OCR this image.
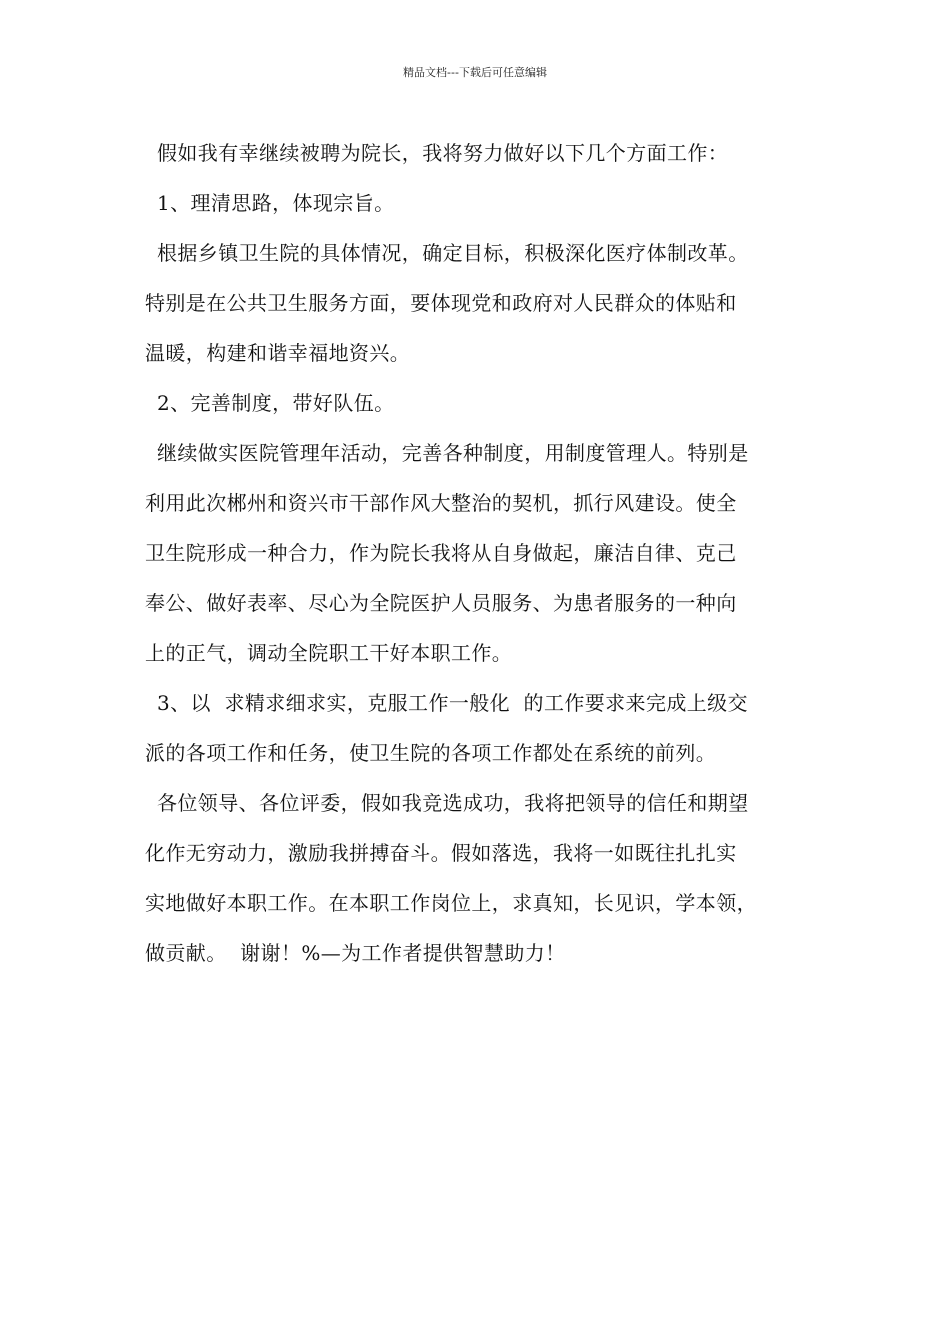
精品文档---下载后可任意编辑
假如我有幸继续被聘为院长，我将努力做好以下几个方面工作：
1、理清思路，体现宗旨。
根据乡镇卫生院的具体情况，确定目标，积极深化医疗体制改革。
特别是在公共卫生服务方面，要体现党和政府对人民群众的体贴和
温暖，构建和谐幸福地资兴。
2、完善制度，带好队伍。
继续做实医院管理年活动，完善各种制度，用制度管理人。特别是
利用此次郴州和资兴市干部作风大整治的契机，抓行风建设。使全
卫生院形成一种合力，作为院长我将从自身做起，廉洁自律、克己
奉公、做好表率、尽心为全院医护人员服务、为患者服务的一种向
上的正气，调动全院职工干好本职工作。
3、以  求精求细求实，克服工作一般化  的工作要求来完成上级交
派的各项工作和任务，使卫生院的各项工作都处在系统的前列。
各位领导、各位评委，假如我竞选成功，我将把领导的信任和期望
化作无穷动力，激励我拼搏奋斗。假如落选，我将一如既往扎扎实
实地做好本职工作。在本职工作岗位上，求真知，长见识，学本领，
做贡献。  谢谢！%—为工作者提供智慧助力！
